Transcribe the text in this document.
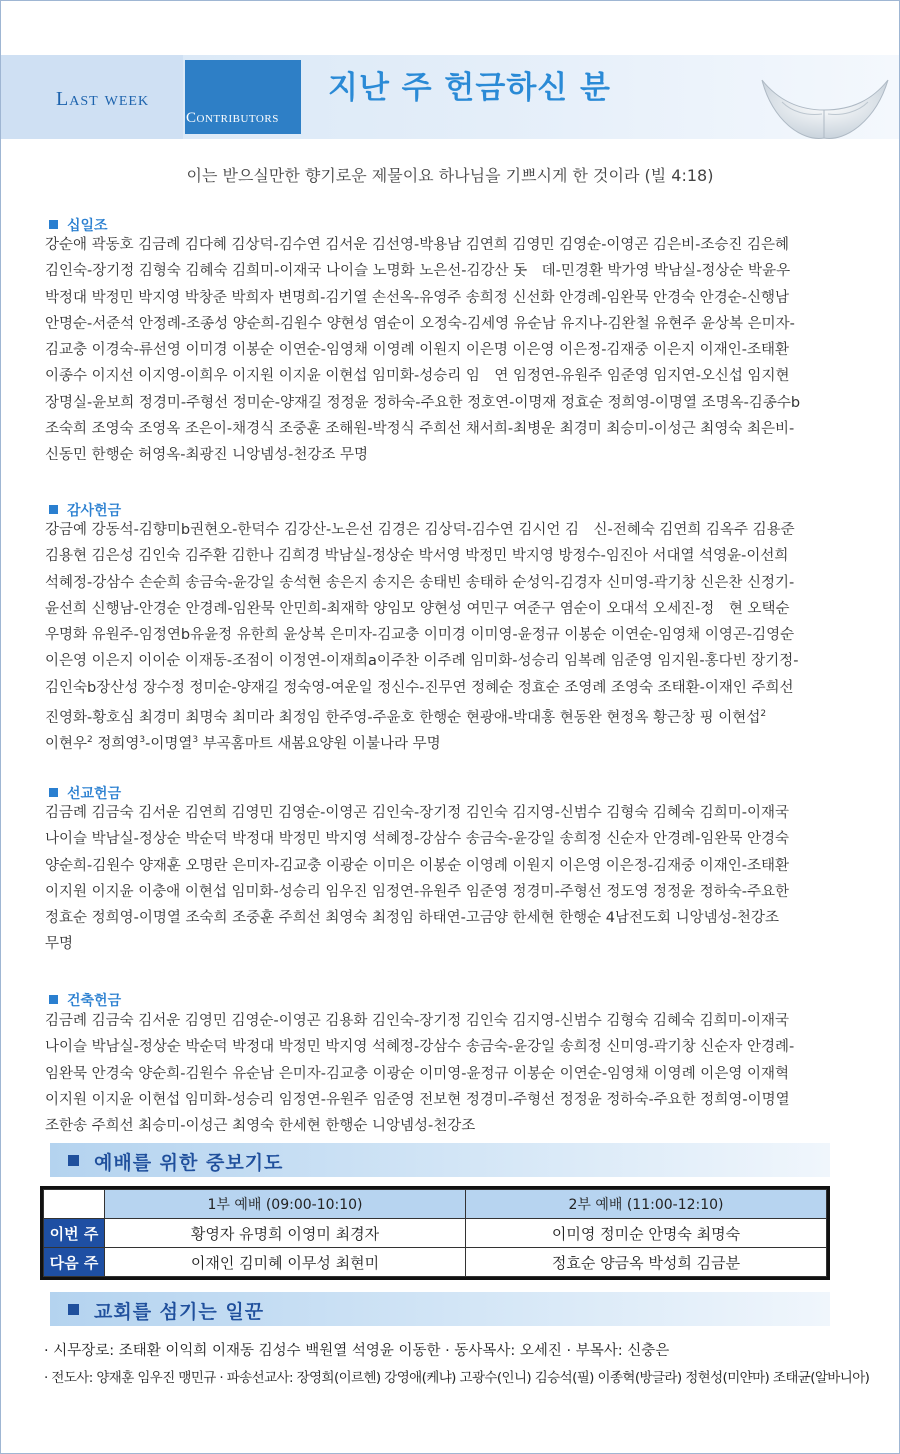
Last week
Contributors
지난 주 헌금하신 분
이는 받으실만한 향기로운 제물이요 하나님을 기쁘시게 한 것이라 (빌 4:18)
십일조
강순애 곽동호 김금례 김다혜 김상덕-김수연 김서운 김선영-박용남 김연희 김영민 김영순-이영곤 김은비-조승진 김은혜
김인숙-장기정 김형숙 김혜숙 김희미-이재국 나이슬 노명화 노은선-김강산 돗　데-민경환 박가영 박남실-정상순 박윤우
박정대 박정민 박지영 박창준 박희자 변명희-김기열 손선옥-유영주 송희정 신선화 안경례-임완묵 안경숙 안경순-신행남
안명순-서준석 안정례-조종성 양순희-김원수 양현성 염순이 오정숙-김세영 유순남 유지나-김완철 유현주 윤상복 은미자-
김교충 이경숙-류선영 이미경 이봉순 이연순-임영채 이영례 이원지 이은명 이은영 이은정-김재중 이은지 이재인-조태환
이종수 이지선 이지영-이희우 이지원 이지윤 이현섭 임미화-성승리 임　연 임정연-유원주 임준영 임지연-오신섭 임지현
장명실-윤보희 정경미-주형선 정미순-양재길 정정윤 정하숙-주요한 정호연-이명재 정효순 정희영-이명열 조명옥-김종수b
조숙희 조영숙 조영옥 조은이-채경식 조중훈 조해원-박정식 주희선 채서희-최병운 최경미 최승미-이성근 최영숙 최은비-
신동민 한행순 허영옥-최광진 니앙넴성-천강조 무명
감사헌금
강금예 강동석-김향미b권현오-한덕수 김강산-노은선 김경은 김상덕-김수연 김시언 김　신-전혜숙 김연희 김옥주 김용준
김용현 김은성 김인숙 김주환 김한나 김희경 박남실-정상순 박서영 박정민 박지영 방정수-임진아 서대열 석영윤-이선희
석혜정-강삼수 손순희 송금숙-윤강일 송석현 송은지 송지은 송태빈 송태하 순성익-김경자 신미영-곽기창 신은찬 신정기-
윤선희 신행남-안경순 안경례-임완묵 안민희-최재학 양임모 양현성 여민구 여준구 염순이 오대석 오세진-정　현 오택순
우명화 유원주-임정연b유윤정 유한희 윤상복 은미자-김교충 이미경 이미영-윤정규 이봉순 이연순-임영채 이영곤-김영순
이은영 이은지 이이순 이재동-조점이 이정연-이재희a이주찬 이주례 임미화-성승리 임복례 임준영 임지원-홍다빈 장기정-
김인숙b장산성 장수정 정미순-양재길 정숙영-여운일 정신수-진무연 정혜순 정효순 조영례 조영숙 조태환-이재인 주희선
진영화-황호심 최경미 최명숙 최미라 최정임 한주영-주윤호 한행순 현광애-박대홍 현동완 현정옥 황근창 핑 이현섭$^2$
이현우$^2$ 정희영$^3$-이명열$^3$ 부곡홈마트 새봄요양원 이불나라 무명
선교헌금
김금례 김금숙 김서운 김연희 김영민 김영순-이영곤 김인숙-장기정 김인숙 김지영-신범수 김형숙 김혜숙 김희미-이재국
나이슬 박남실-정상순 박순덕 박정대 박정민 박지영 석혜정-강삼수 송금숙-윤강일 송희정 신순자 안경례-임완묵 안경숙
양순희-김원수 양재훈 오명란 은미자-김교충 이광순 이미은 이봉순 이영례 이원지 이은영 이은정-김재중 이재인-조태환
이지원 이지윤 이충애 이현섭 임미화-성승리 임우진 임정연-유원주 임준영 정경미-주형선 정도영 정정윤 정하숙-주요한
정효순 정희영-이명열 조숙희 조중훈 주희선 최영숙 최정임 하태연-고금양 한세현 한행순 4남전도회 니앙넴성-천강조
무명
건축헌금
김금례 김금숙 김서운 김영민 김영순-이영곤 김용화 김인숙-장기정 김인숙 김지영-신범수 김형숙 김혜숙 김희미-이재국
나이슬 박남실-정상순 박순덕 박정대 박정민 박지영 석혜정-강삼수 송금숙-윤강일 송희정 신미영-곽기창 신순자 안경례-
임완묵 안경숙 양순희-김원수 유순남 은미자-김교충 이광순 이미영-윤정규 이봉순 이연순-임영채 이영례 이은영 이재혁
이지원 이지윤 이현섭 임미화-성승리 임정연-유원주 임준영 전보현 정경미-주형선 정정윤 정하숙-주요한 정희영-이명열
조한송 주희선 최승미-이성근 최영숙 한세현 한행순 니앙넴성-천강조
예배를 위한 중보기도
	1부 예배 (09:00-10:10)	2부 예배 (11:00-12:10)
이번 주	황영자 유명희 이영미 최경자	이미영 정미순 안명숙 최명숙
다음 주	이재인 김미혜 이무성 최현미	정효순 양금옥 박성희 김금분
교회를 섬기는 일꾼
· 시무장로: 조태환 이익희 이재동 김성수 백원열 석영윤 이동한 · 동사목사: 오세진 · 부목사: 신충은
· 전도사: 양재훈 임우진 맹민규 · 파송선교사: 장영희(이르헨) 강영애(케냐) 고광수(인니) 김승석(필) 이종혁(방글라) 정현성(미얀마) 조태균(알바니아)
